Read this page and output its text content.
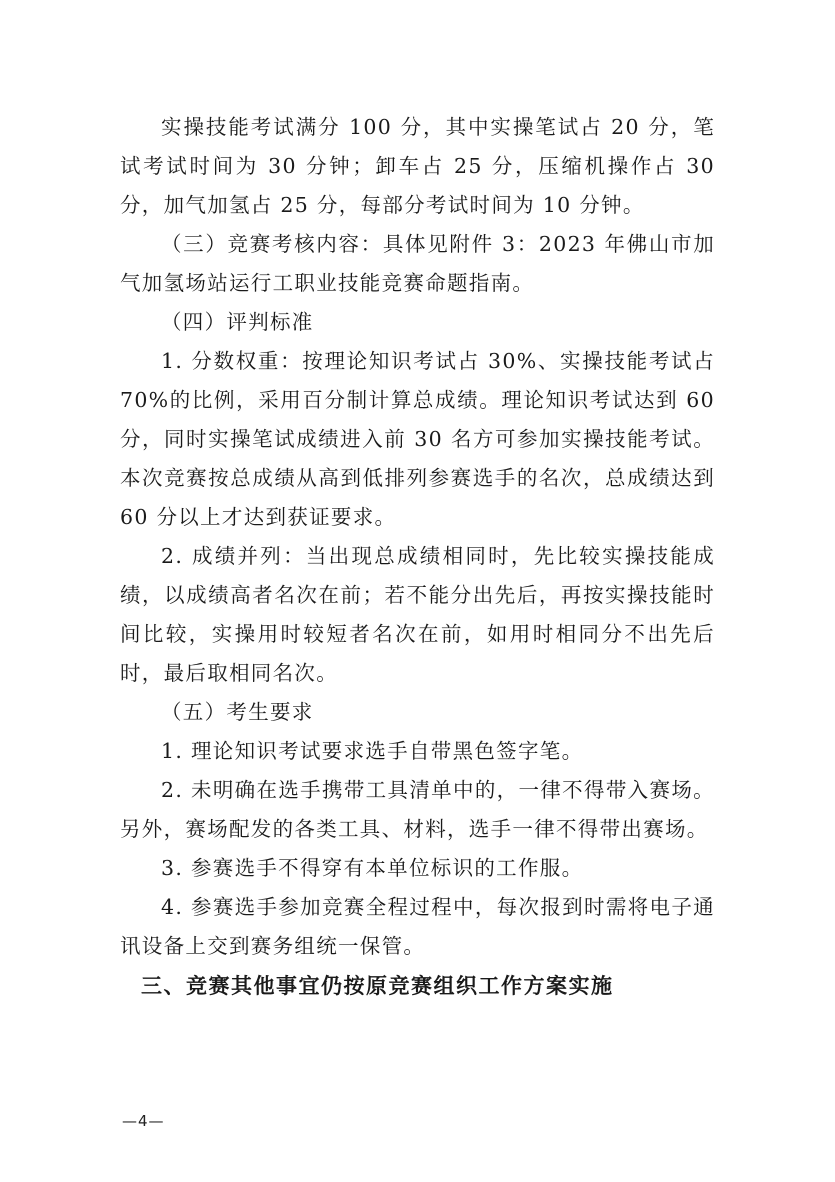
实操技能考试满分 100 分，其中实操笔试占 20 分，笔试考试时间为 30 分钟；卸车占 25 分，压缩机操作占 30 分，加气加氢占 25 分，每部分考试时间为 10 分钟。

（三）竞赛考核内容：具体见附件 3：2023 年佛山市加气加氢场站运行工职业技能竞赛命题指南。

（四）评判标准

1. 分数权重：按理论知识考试占 30%、实操技能考试占 70%的比例，采用百分制计算总成绩。理论知识考试达到 60 分，同时实操笔试成绩进入前 30 名方可参加实操技能考试。本次竞赛按总成绩从高到低排列参赛选手的名次，总成绩达到 60 分以上才达到获证要求。

2. 成绩并列：当出现总成绩相同时，先比较实操技能成绩，以成绩高者名次在前；若不能分出先后，再按实操技能时间比较，实操用时较短者名次在前，如用时相同分不出先后时，最后取相同名次。

（五）考生要求

1. 理论知识考试要求选手自带黑色签字笔。

2. 未明确在选手携带工具清单中的，一律不得带入赛场。另外，赛场配发的各类工具、材料，选手一律不得带出赛场。

3. 参赛选手不得穿有本单位标识的工作服。

4. 参赛选手参加竞赛全程过程中，每次报到时需将电子通讯设备上交到赛务组统一保管。

三、竞赛其他事宜仍按原竞赛组织工作方案实施

—4—
